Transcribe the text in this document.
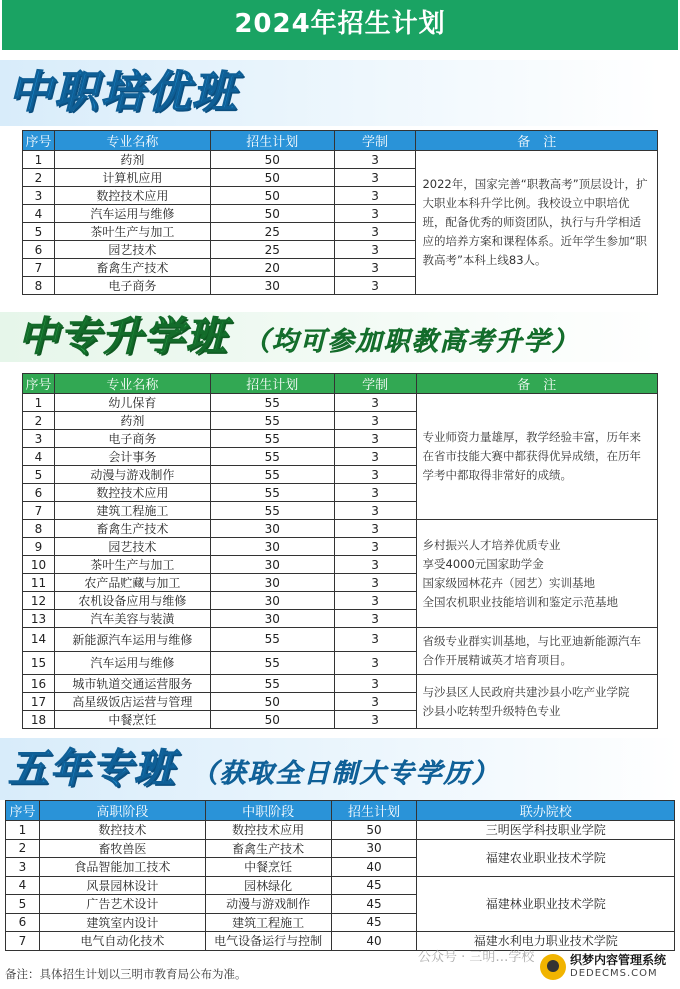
2024年招生计划
中职培优班
序号	专业名称	招生计划	学制	备　注
1	药剂	50	3	2022年，国家完善“职教高考”顶层设计，扩大职业本科升学比例。我校设立中职培优班，配备优秀的师资团队，执行与升学相适应的培养方案和课程体系。近年学生参加“职教高考”本科上线83人。
2	计算机应用	50	3	
3	数控技术应用	50	3	
4	汽车运用与维修	50	3	
5	茶叶生产与加工	25	3	
6	园艺技术	25	3	
7	畜禽生产技术	20	3	
8	电子商务	30	3	
中专升学班 （均可参加职教高考升学）
序号	专业名称	招生计划	学制	备　注
1	幼儿保育	55	3	专业师资力量雄厚，教学经验丰富，历年来在省市技能大赛中都获得优异成绩，在历年学考中都取得非常好的成绩。
2	药剂	55	3	
3	电子商务	55	3	
4	会计事务	55	3	
5	动漫与游戏制作	55	3	
6	数控技术应用	55	3	
7	建筑工程施工	55	3	
8	畜禽生产技术	30	3	乡村振兴人才培养优质专业
享受4000元国家助学金
国家级园林花卉（园艺）实训基地
全国农机职业技能培训和鉴定示范基地

9	园艺技术	30	3	
10	茶叶生产与加工	30	3	
11	农产品贮藏与加工	30	3	
12	农机设备应用与维修	30	3	
13	汽车美容与装潢	30	3	
14	新能源汽车运用与维修	55	3	省级专业群实训基地，与比亚迪新能源汽车合作开展精诚英才培育项目。
15	汽车运用与维修	55	3	
16	城市轨道交通运营服务	55	3	与沙县区人民政府共建沙县小吃产业学院
沙县小吃转型升级特色专业

17	高星级饭店运营与管理	50	3	
18	中餐烹饪	50	3	
五年专班 （获取全日制大专学历）
序号	高职阶段	中职阶段	招生计划	联办院校
1	数控技术	数控技术应用	50	三明医学科技职业学院
2	畜牧兽医	畜禽生产技术	30	福建农业职业技术学院
3	食品智能加工技术	中餐烹饪	40	
4	风景园林设计	园林绿化	45	福建林业职业技术学院
5	广告艺术设计	动漫与游戏制作	45	
6	建筑室内设计	建筑工程施工	45	
7	电气自动化技术	电气设备运行与控制	40	福建水利电力职业技术学院
备注：具体招生计划以三明市教育局公布为准。
公众号 · 三明…学校	织梦内容管理系统
DEDECMS.COM
